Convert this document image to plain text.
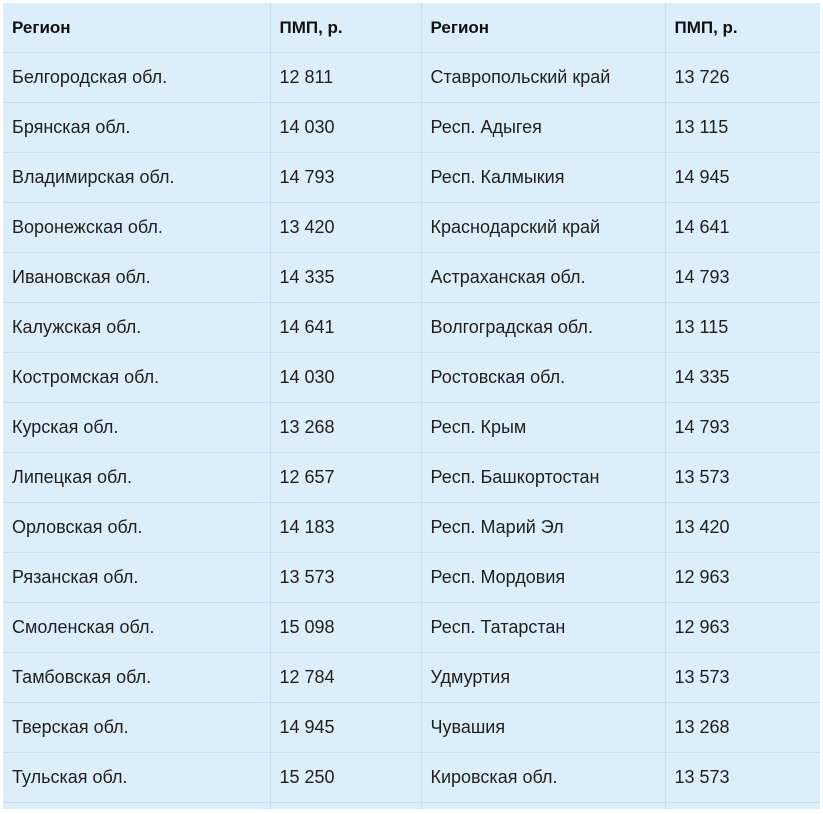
Регион	ПМП, р.	Регион	ПМП, р.
Белгородская обл.	12 811	Ставропольский край	13 726
Брянская обл.	14 030	Респ. Адыгея	13 115
Владимирская обл.	14 793	Респ. Калмыкия	14 945
Воронежская обл.	13 420	Краснодарский край	14 641
Ивановская обл.	14 335	Астраханская обл.	14 793
Калужская обл.	14 641	Волгоградская обл.	13 115
Костромская обл.	14 030	Ростовская обл.	14 335
Курская обл.	13 268	Респ. Крым	14 793
Липецкая обл.	12 657	Респ. Башкортостан	13 573
Орловская обл.	14 183	Респ. Марий Эл	13 420
Рязанская обл.	13 573	Респ. Мордовия	12 963
Смоленская обл.	15 098	Респ. Татарстан	12 963
Тамбовская обл.	12 784	Удмуртия	13 573
Тверская обл.	14 945	Чувашия	13 268
Тульская обл.	15 250	Кировская обл.	13 573
